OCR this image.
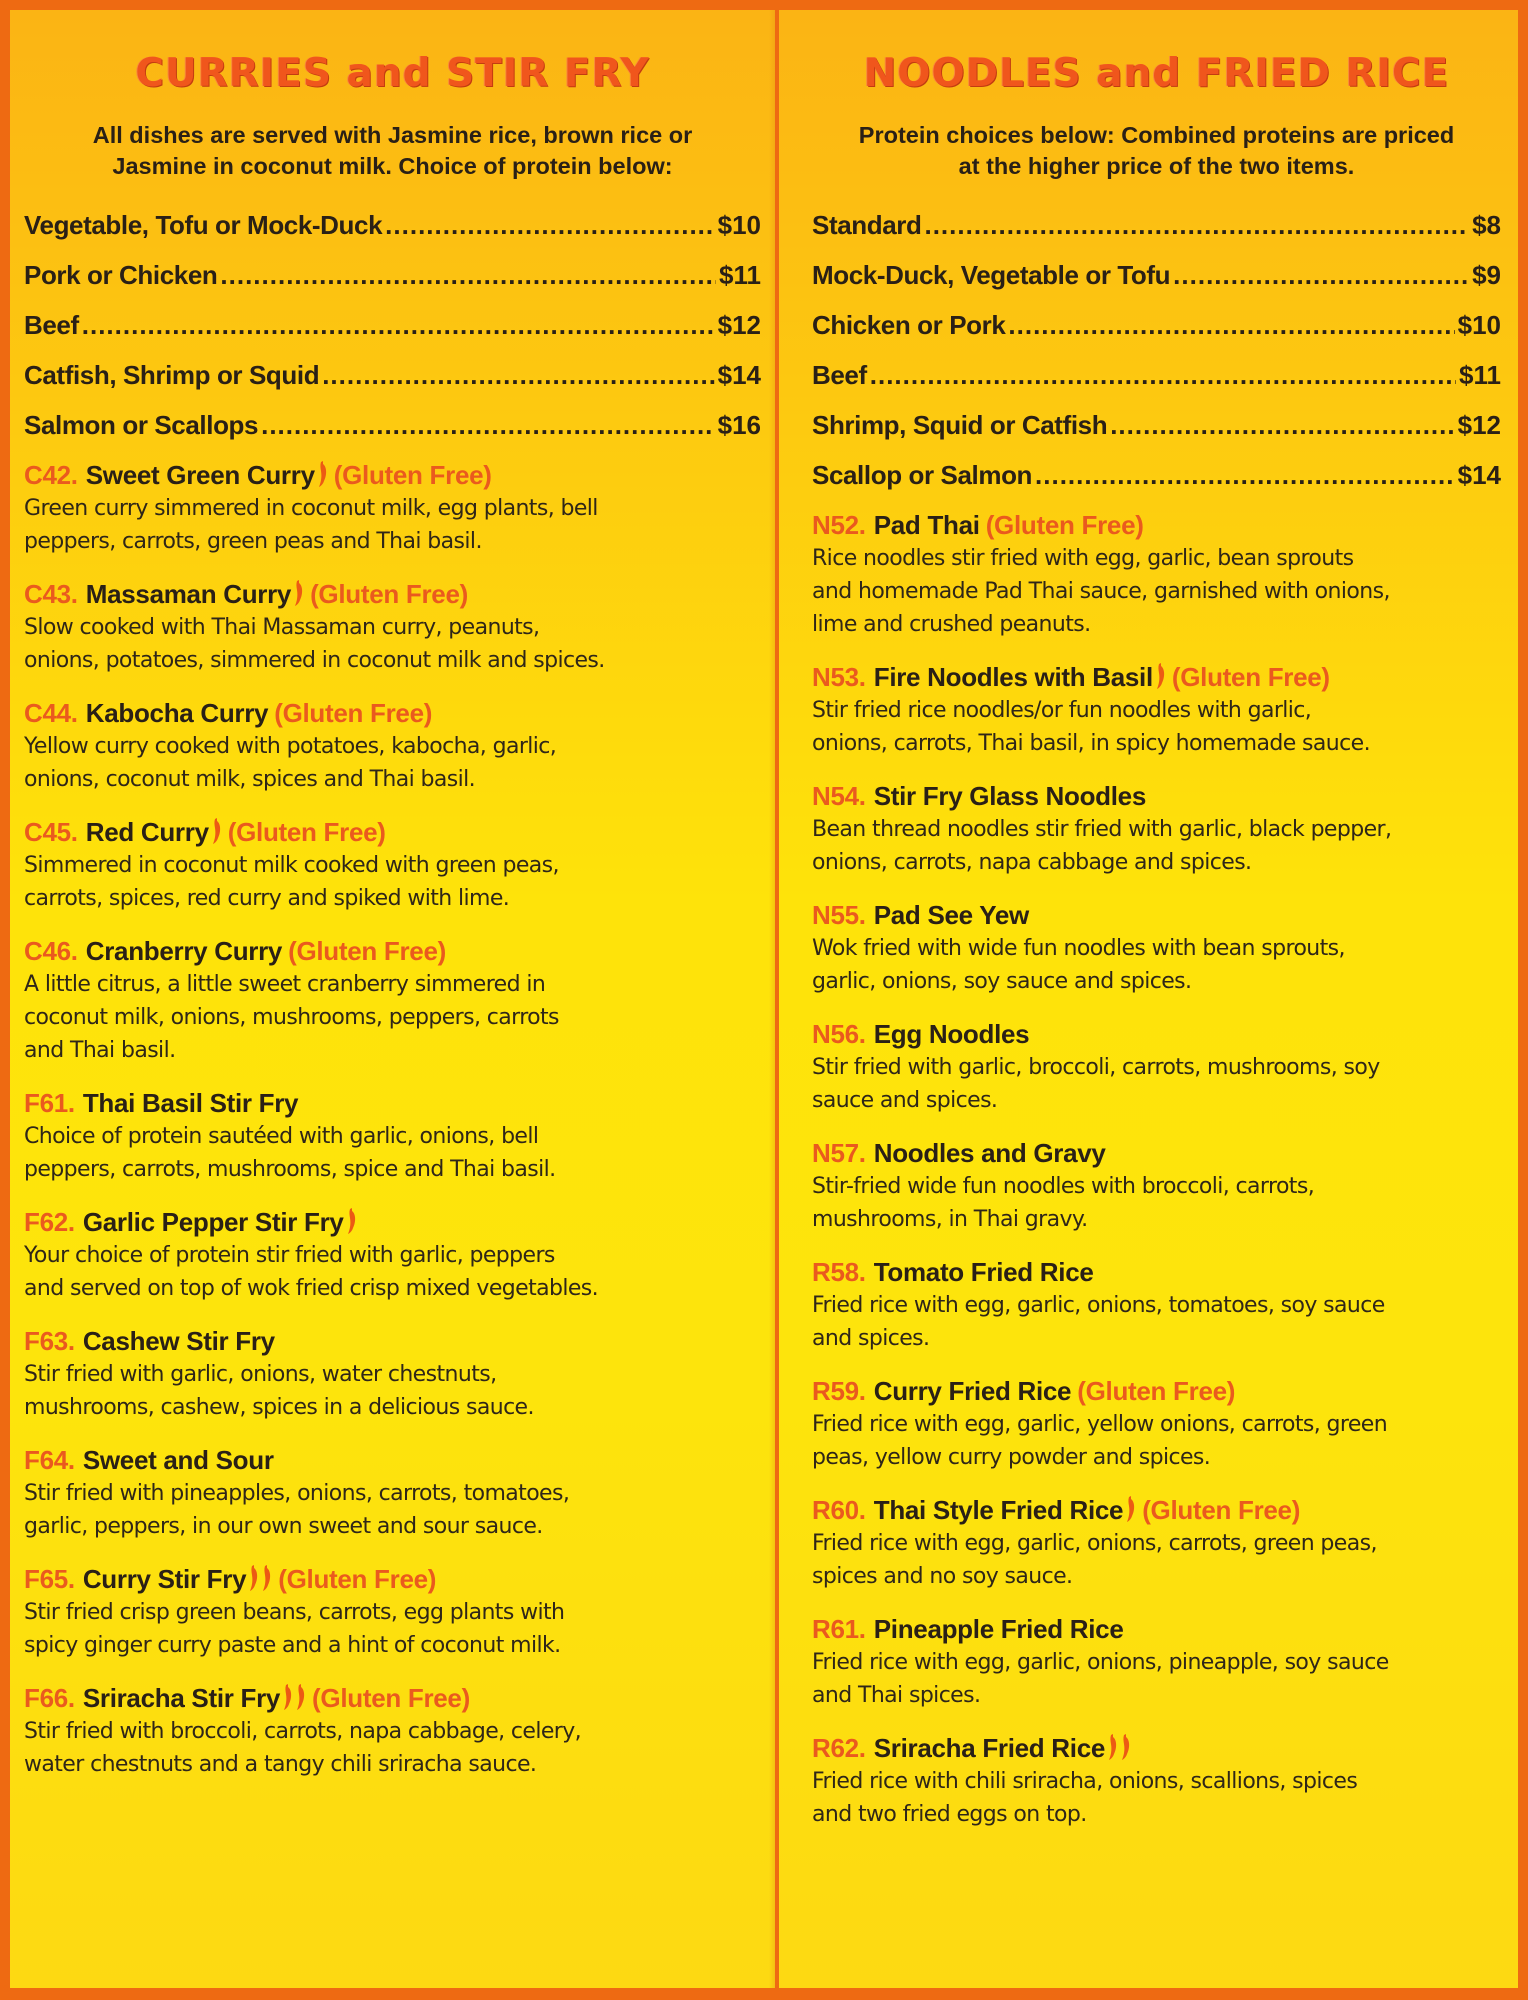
CURRIES and STIR FRY
All dishes are served with Jasmine rice, brown rice or
Jasmine in coconut milk. Choice of protein below:
Vegetable, Tofu or Mock-Duck .....	$10
Pork or Chicken .....	$11
Beef .....	$12
Catfish, Shrimp or Squid .....	$14
Salmon or Scallops .....	$16
C42. Sweet Green Curry (Gluten Free)
Green curry simmered in coconut milk, egg plants, bell
peppers, carrots, green peas and Thai basil.
C43. Massaman Curry (Gluten Free)
Slow cooked with Thai Massaman curry, peanuts,
onions, potatoes, simmered in coconut milk and spices.
C44. Kabocha Curry (Gluten Free)
Yellow curry cooked with potatoes, kabocha, garlic,
onions, coconut milk, spices and Thai basil.
C45. Red Curry (Gluten Free)
Simmered in coconut milk cooked with green peas,
carrots, spices, red curry and spiked with lime.
C46. Cranberry Curry (Gluten Free)
A little citrus, a little sweet cranberry simmered in
coconut milk, onions, mushrooms, peppers, carrots
and Thai basil.
F61. Thai Basil Stir Fry
Choice of protein sautéed with garlic, onions, bell
peppers, carrots, mushrooms, spice and Thai basil.
F62. Garlic Pepper Stir Fry
Your choice of protein stir fried with garlic, peppers
and served on top of wok fried crisp mixed vegetables.
F63. Cashew Stir Fry
Stir fried with garlic, onions, water chestnuts,
mushrooms, cashew, spices in a delicious sauce.
F64. Sweet and Sour
Stir fried with pineapples, onions, carrots, tomatoes,
garlic, peppers, in our own sweet and sour sauce.
F65. Curry Stir Fry (Gluten Free)
Stir fried crisp green beans, carrots, egg plants with
spicy ginger curry paste and a hint of coconut milk.
F66. Sriracha Stir Fry (Gluten Free)
Stir fried with broccoli, carrots, napa cabbage, celery,
water chestnuts and a tangy chili sriracha sauce.
NOODLES and FRIED RICE
Protein choices below: Combined proteins are priced
at the higher price of the two items.
Standard .....	$8
Mock-Duck, Vegetable or Tofu .....	$9
Chicken or Pork .....	$10
Beef .....	$11
Shrimp, Squid or Catfish .....	$12
Scallop or Salmon .....	$14
N52. Pad Thai (Gluten Free)
Rice noodles stir fried with egg, garlic, bean sprouts
and homemade Pad Thai sauce, garnished with onions,
lime and crushed peanuts.
N53. Fire Noodles with Basil (Gluten Free)
Stir fried rice noodles/or fun noodles with garlic,
onions, carrots, Thai basil, in spicy homemade sauce.
N54. Stir Fry Glass Noodles
Bean thread noodles stir fried with garlic, black pepper,
onions, carrots, napa cabbage and spices.
N55. Pad See Yew
Wok fried with wide fun noodles with bean sprouts,
garlic, onions, soy sauce and spices.
N56. Egg Noodles
Stir fried with garlic, broccoli, carrots, mushrooms, soy
sauce and spices.
N57. Noodles and Gravy
Stir-fried wide fun noodles with broccoli, carrots,
mushrooms, in Thai gravy.
R58. Tomato Fried Rice
Fried rice with egg, garlic, onions, tomatoes, soy sauce
and spices.
R59. Curry Fried Rice (Gluten Free)
Fried rice with egg, garlic, yellow onions, carrots, green
peas, yellow curry powder and spices.
R60. Thai Style Fried Rice (Gluten Free)
Fried rice with egg, garlic, onions, carrots, green peas,
spices and no soy sauce.
R61. Pineapple Fried Rice
Fried rice with egg, garlic, onions, pineapple, soy sauce
and Thai spices.
R62. Sriracha Fried Rice
Fried rice with chili sriracha, onions, scallions, spices
and two fried eggs on top.
